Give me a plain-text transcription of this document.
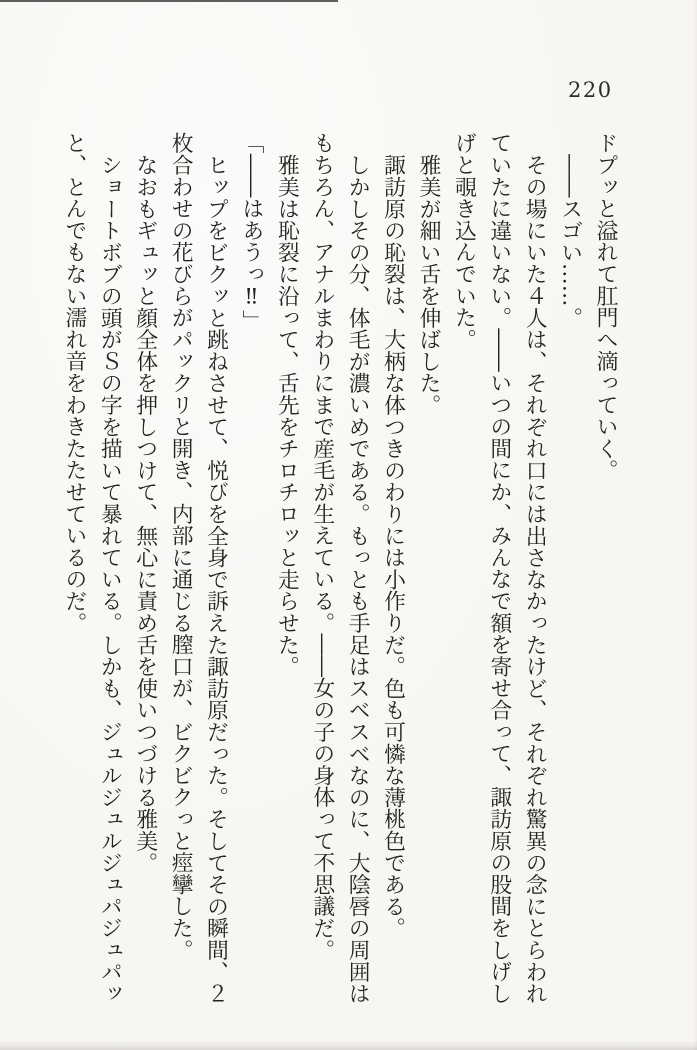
220

ドプッと溢れて肛門へ滴っていく。

――スゴい……。

その場にいた４人は、それぞれ口には出さなかったけど、それぞれ驚異の念にとらわれていたに違いない。――いつの間にか、みんなで額を寄せ合って、諏訪原の股間をしげしげと覗き込んでいた。

雅美が細い舌を伸ばした。

諏訪原の恥裂は、大柄な体つきのわりには小作りだ。色も可憐な薄桃色である。

しかしその分、体毛が濃いめである。もっとも手足はスベスベなのに、大陰唇の周囲はもちろん、アナルまわりにまで産毛が生えている。――女の子の身体って不思議だ。

雅美は恥裂に沿って、舌先をチロチロッと走らせた。

「――はあうっ‼」

ヒップをビクッと跳ねさせて、悦びを全身で訴えた諏訪原だった。そしてその瞬間、２枚合わせの花びらがパックリと開き、内部に通じる膣口が、ビクビクっと痙攣した。

なおもギュッと顔全体を押しつけて、無心に責め舌を使いつづける雅美。

ショートボブの頭がＳの字を描いて暴れている。しかも、ジュルジュルジュパジュパッと、とんでもない濡れ音をわきたたせているのだ。
